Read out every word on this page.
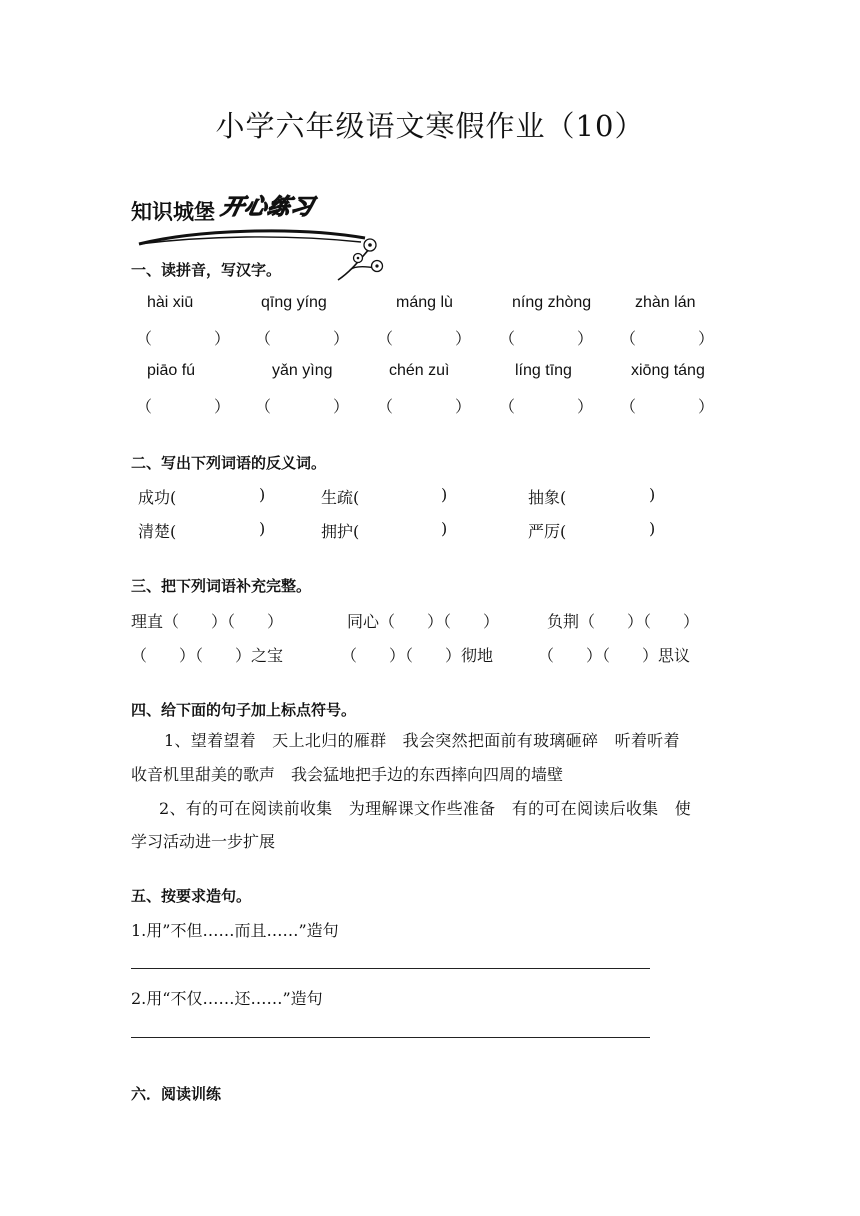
小学六年级语文寒假作业（10）
知识城堡 开心练习
一、读拼音，写汉字。
hài xiū	qīnɡ yínɡ	mánɡ lù	nínɡ zhònɡ	zhàn lán
（	） （	） （	） （	） （	）
piāo fú	yǎn yìnɡ	chén zuì	línɡ tīnɡ	xiōnɡ tánɡ
（	） （	） （	） （	） （	）
二、写出下列词语的反义词。
成功(	)	生疏(	)	抽象(	)
清楚(	)	拥护(	)	严厉(	)
三、把下列词语补充完整。
理直（　　）（　　）	同心（　　）（　　）	负荆（　　）（　　）
（　　）（　　）之宝	（　　）（　　）彻地	（　　）（　　）思议
四、给下面的句子加上标点符号。
1、望着望着　天上北归的雁群　我会突然把面前有玻璃砸碎　听着听着
收音机里甜美的歌声　我会猛地把手边的东西摔向四周的墙壁
2、有的可在阅读前收集　为理解课文作些准备　有的可在阅读后收集　使
学习活动进一步扩展
五、按要求造句。
1.用”不但……而且……”造句
2.用“不仅……还……”造句
六．阅读训练
